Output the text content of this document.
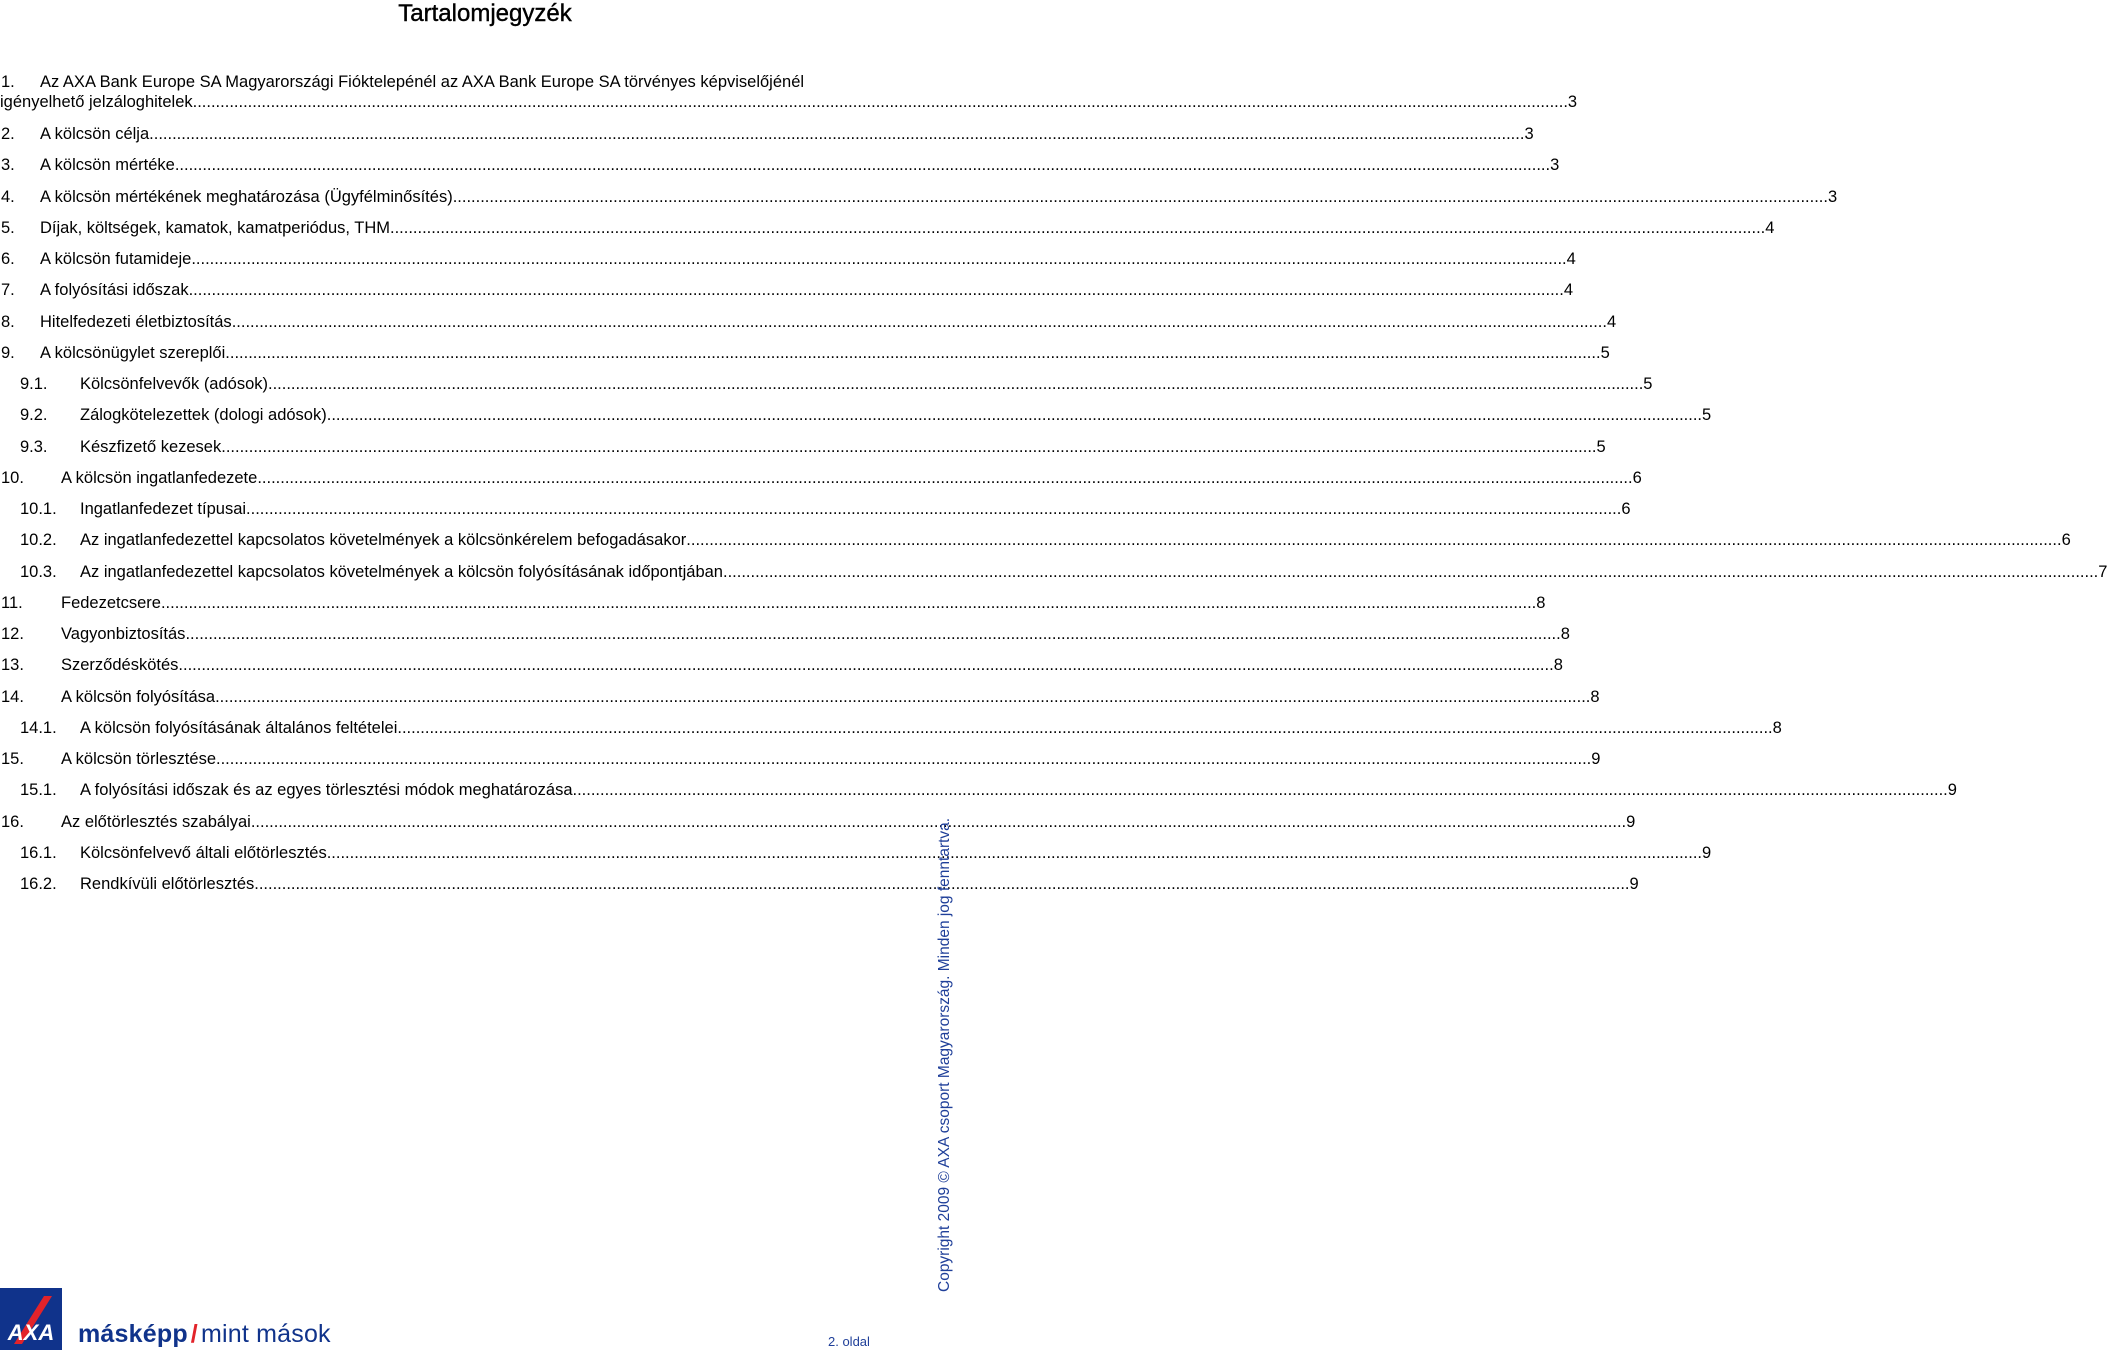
Tartalomjegyzék
1. Az AXA Bank Europe SA Magyarországi Fióktelepénél az AXA Bank Europe SA törvényes képviselőjénél
igényelhető jelzáloghitelek ............................................................................................................................................................................................................................................................................................................ 3
2. A kölcsön célja ............................................................................................................................................................................................................................................................................................................ 3
3. A kölcsön mértéke ............................................................................................................................................................................................................................................................................................................ 3
4. A kölcsön mértékének meghatározása (Ügyfélminősítés) ............................................................................................................................................................................................................................................................................................................ 3
5. Díjak, költségek, kamatok, kamatperiódus, THM ............................................................................................................................................................................................................................................................................................................ 4
6. A kölcsön futamideje ............................................................................................................................................................................................................................................................................................................ 4
7. A folyósítási időszak ............................................................................................................................................................................................................................................................................................................ 4
8. Hitelfedezeti életbiztosítás ............................................................................................................................................................................................................................................................................................................ 4
9. A kölcsönügylet szereplői ............................................................................................................................................................................................................................................................................................................ 5
9.1. Kölcsönfelvevők (adósok) ............................................................................................................................................................................................................................................................................................................ 5
9.2. Zálogkötelezettek (dologi adósok) ............................................................................................................................................................................................................................................................................................................ 5
9.3. Készfizető kezesek ............................................................................................................................................................................................................................................................................................................ 5
10. A kölcsön ingatlanfedezete ............................................................................................................................................................................................................................................................................................................ 6
10.1. Ingatlanfedezet típusai ............................................................................................................................................................................................................................................................................................................ 6
10.2. Az ingatlanfedezettel kapcsolatos követelmények a kölcsönkérelem befogadásakor ............................................................................................................................................................................................................................................................................................................ 6
10.3. Az ingatlanfedezettel kapcsolatos követelmények a kölcsön folyósításának időpontjában ............................................................................................................................................................................................................................................................................................................ 7
11. Fedezetcsere ............................................................................................................................................................................................................................................................................................................ 8
12. Vagyonbiztosítás ............................................................................................................................................................................................................................................................................................................ 8
13. Szerződéskötés ............................................................................................................................................................................................................................................................................................................ 8
14. A kölcsön folyósítása ............................................................................................................................................................................................................................................................................................................ 8
14.1. A kölcsön folyósításának általános feltételei ............................................................................................................................................................................................................................................................................................................ 8
15. A kölcsön törlesztése ............................................................................................................................................................................................................................................................................................................ 9
15.1. A folyósítási időszak és az egyes törlesztési módok meghatározása ............................................................................................................................................................................................................................................................................................................ 9
16. Az előtörlesztés szabályai ............................................................................................................................................................................................................................................................................................................ 9
16.1. Kölcsönfelvevő általi előtörlesztés ............................................................................................................................................................................................................................................................................................................ 9
16.2. Rendkívüli előtörlesztés ............................................................................................................................................................................................................................................................................................................ 9
Copyright 2009 © AXA csoport Magyarország. Minden jog fenntartva.
AXA másképp / mint mások	2. oldal
